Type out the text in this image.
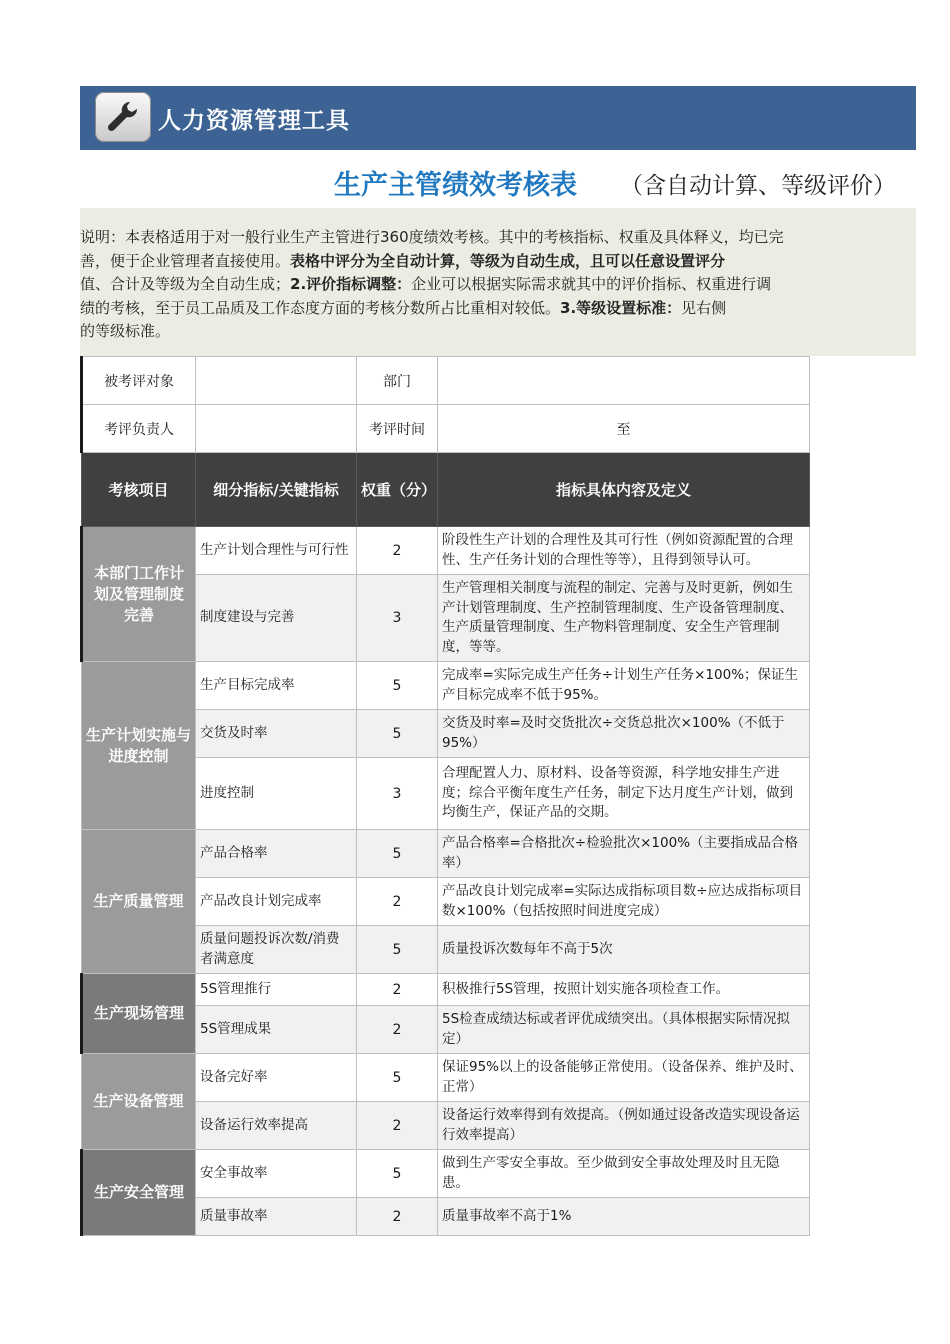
人力资源管理工具
生产主管绩效考核表 （含自动计算、等级评价）
说明：本表格适用于对一般行业生产主管进行360度绩效考核。其中的考核指标、权重及具体释义，均已完
善，便于企业管理者直接使用。表格中评分为全自动计算，等级为自动生成，且可以任意设置评分
值、合计及等级为全自动生成；2.评价指标调整：企业可以根据实际需求就其中的评价指标、权重进行调
绩的考核，至于员工品质及工作态度方面的考核分数所占比重相对较低。3.等级设置标准：见右侧
的等级标准。
被考评对象		部门	
考评负责人		考评时间	至
考核项目	细分指标/关键指标	权重（分）	指标具体内容及定义
本部门工作计划及管理制度完善	生产计划合理性与可行性	2	阶段性生产计划的合理性及其可行性（例如资源配置的合理性、生产任务计划的合理性等等），且得到领导认可。
	制度建设与完善	3	生产管理相关制度与流程的制定、完善与及时更新，例如生产计划管理制度、生产控制管理制度、生产设备管理制度、生产质量管理制度、生产物料管理制度、安全生产管理制度，等等。
生产计划实施与进度控制	生产目标完成率	5	完成率=实际完成生产任务÷计划生产任务×100%；保证生产目标完成率不低于95%。
	交货及时率	5	交货及时率=及时交货批次÷交货总批次×100%（不低于95%）
	进度控制	3	合理配置人力、原材料、设备等资源，科学地安排生产进度；综合平衡年度生产任务，制定下达月度生产计划，做到均衡生产，保证产品的交期。
生产质量管理	产品合格率	5	产品合格率=合格批次÷检验批次×100%（主要指成品合格率）
	产品改良计划完成率	2	产品改良计划完成率=实际达成指标项目数÷应达成指标项目数×100%（包括按照时间进度完成）
	质量问题投诉次数/消费者满意度	5	质量投诉次数每年不高于5次
生产现场管理	5S管理推行	2	积极推行5S管理，按照计划实施各项检查工作。
	5S管理成果	2	5S检查成绩达标或者评优成绩突出。（具体根据实际情况拟定）
生产设备管理	设备完好率	5	保证95%以上的设备能够正常使用。（设备保养、维护及时、正常）
	设备运行效率提高	2	设备运行效率得到有效提高。（例如通过设备改造实现设备运行效率提高）
生产安全管理	安全事故率	5	做到生产零安全事故。至少做到安全事故处理及时且无隐患。
	质量事故率	2	质量事故率不高于1%
